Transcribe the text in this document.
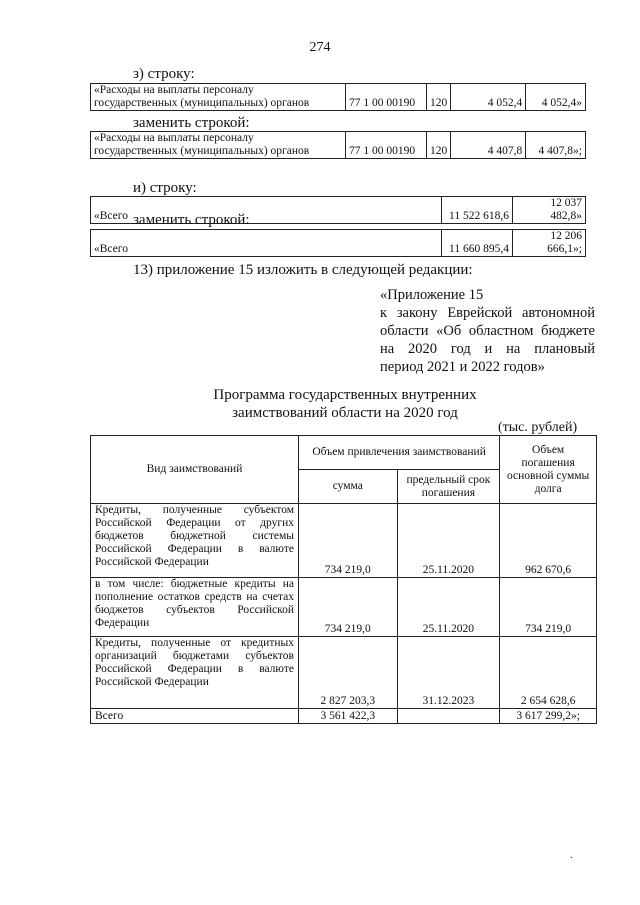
274
з) строку:
«Расходы на выплаты персоналу
государственных (муниципальных) органов	77 1 00 00190	120	4 052,4	4 052,4»
заменить строкой:
«Расходы на выплаты персоналу
государственных (муниципальных) органов	77 1 00 00190	120	4 407,8	4 407,8»;
и) строку:
«Всего	11 522 618,6	12 037 482,8»
заменить строкой:
«Всего	11 660 895,4	12 206 666,1»;
13) приложение 15 изложить в следующей редакции:
«Приложение 15
к закону Еврейской автономной
области «Об областном бюджете
на 2020 год и на плановый
период 2021 и 2022 годов»
Программа государственных внутренних
заимствований области на 2020 год
(тыс. рублей)
Вид заимствований	Объем привлечения заимствований		Объем погашения основной суммы долга
	сумма	предельный срок погашения	
Кредиты, полученные субъектом Российской Федерации от других бюджетов бюджетной системы Российской Федерации в валюте Российской Федерации	734 219,0	25.11.2020	962 670,6
в том числе: бюджетные кредиты на пополнение остатков средств на счетах бюджетов субъектов Российской Федерации	734 219,0	25.11.2020	734 219,0
Кредиты, полученные от кредитных организаций бюджетами субъектов Российской Федерации в валюте Российской Федерации	2 827 203,3	31.12.2023	2 654 628,6
Всего	3 561 422,3		3 617 299,2»;
.
